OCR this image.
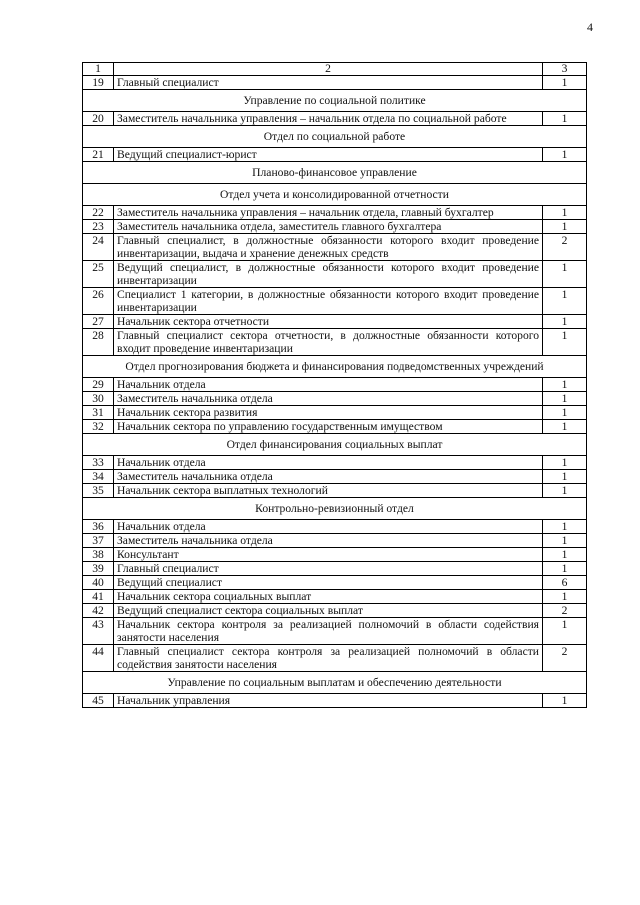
4
1	2	3
19	Главный специалист	1
Управление по социальной политике		
20	Заместитель начальника управления – начальник отдела по социальной работе	1
Отдел по социальной работе		
21	Ведущий специалист-юрист	1
Планово-финансовое управление		
Отдел учета и консолидированной отчетности		
22	Заместитель начальника управления – начальник отдела, главный бухгалтер	1
23	Заместитель начальника отдела, заместитель главного бухгалтера	1
24	Главный специалист, в должностные обязанности которого входит проведение инвентаризации, выдача и хранение денежных средств	2
25	Ведущий специалист, в должностные обязанности которого входит проведение инвентаризации	1
26	Специалист 1 категории, в должностные обязанности которого входит проведение инвентаризации	1
27	Начальник сектора отчетности	1
28	Главный специалист сектора отчетности, в должностные обязанности которого входит проведение инвентаризации	1
Отдел прогнозирования бюджета и финансирования подведомственных учреждений		
29	Начальник отдела	1
30	Заместитель начальника отдела	1
31	Начальник сектора развития	1
32	Начальник сектора по управлению государственным имуществом	1
Отдел финансирования социальных выплат		
33	Начальник отдела	1
34	Заместитель начальника отдела	1
35	Начальник сектора выплатных технологий	1
Контрольно-ревизионный отдел		
36	Начальник отдела	1
37	Заместитель начальника отдела	1
38	Консультант	1
39	Главный специалист	1
40	Ведущий специалист	6
41	Начальник сектора социальных выплат	1
42	Ведущий специалист сектора социальных выплат	2
43	Начальник сектора контроля за реализацией полномочий в области содействия занятости населения	1
44	Главный специалист сектора контроля за реализацией полномочий в области содействия занятости населения	2
Управление по социальным выплатам и обеспечению деятельности		
45	Начальник управления	1
